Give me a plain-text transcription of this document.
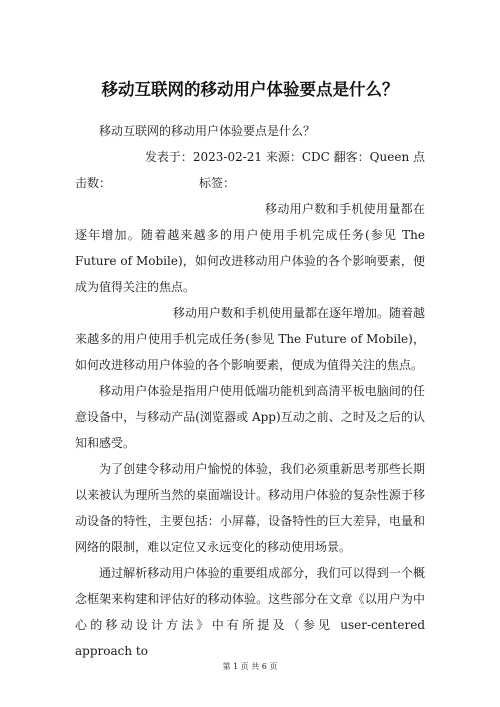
移动互联网的移动用户体验要点是什么？

移动互联网的移动用户体验要点是什么？

发表于：2023-02-21 来源：CDC 翻客：Queen 点

击数：	标签：

移动用户数和手机使用量都在逐年增加。随着越来越多的用户使用手机完成任务(参见 The Future of Mobile)，如何改进移动用户体验的各个影响要素，便成为值得关注的焦点。

移动用户数和手机使用量都在逐年增加。随着越来越多的用户使用手机完成任务(参见 The Future of Mobile)，如何改进移动用户体验的各个影响要素，便成为值得关注的焦点。

移动用户体验是指用户使用低端功能机到高清平板电脑间的任意设备中，与移动产品(浏览器或 App)互动之前、之时及之后的认知和感受。

为了创建令移动用户愉悦的体验，我们必须重新思考那些长期以来被认为理所当然的桌面端设计。移动用户体验的复杂性源于移动设备的特性，主要包括：小屏幕，设备特性的巨大差异，电量和网络的限制，难以定位又永远变化的移动使用场景。

通过解析移动用户体验的重要组成部分，我们可以得到一个概念框架来构建和评估好的移动体验。这些部分在文章《以用户为中心的移动设计方法》中有所提及（参见 user-centered approach to

第 1 页 共 6 页
